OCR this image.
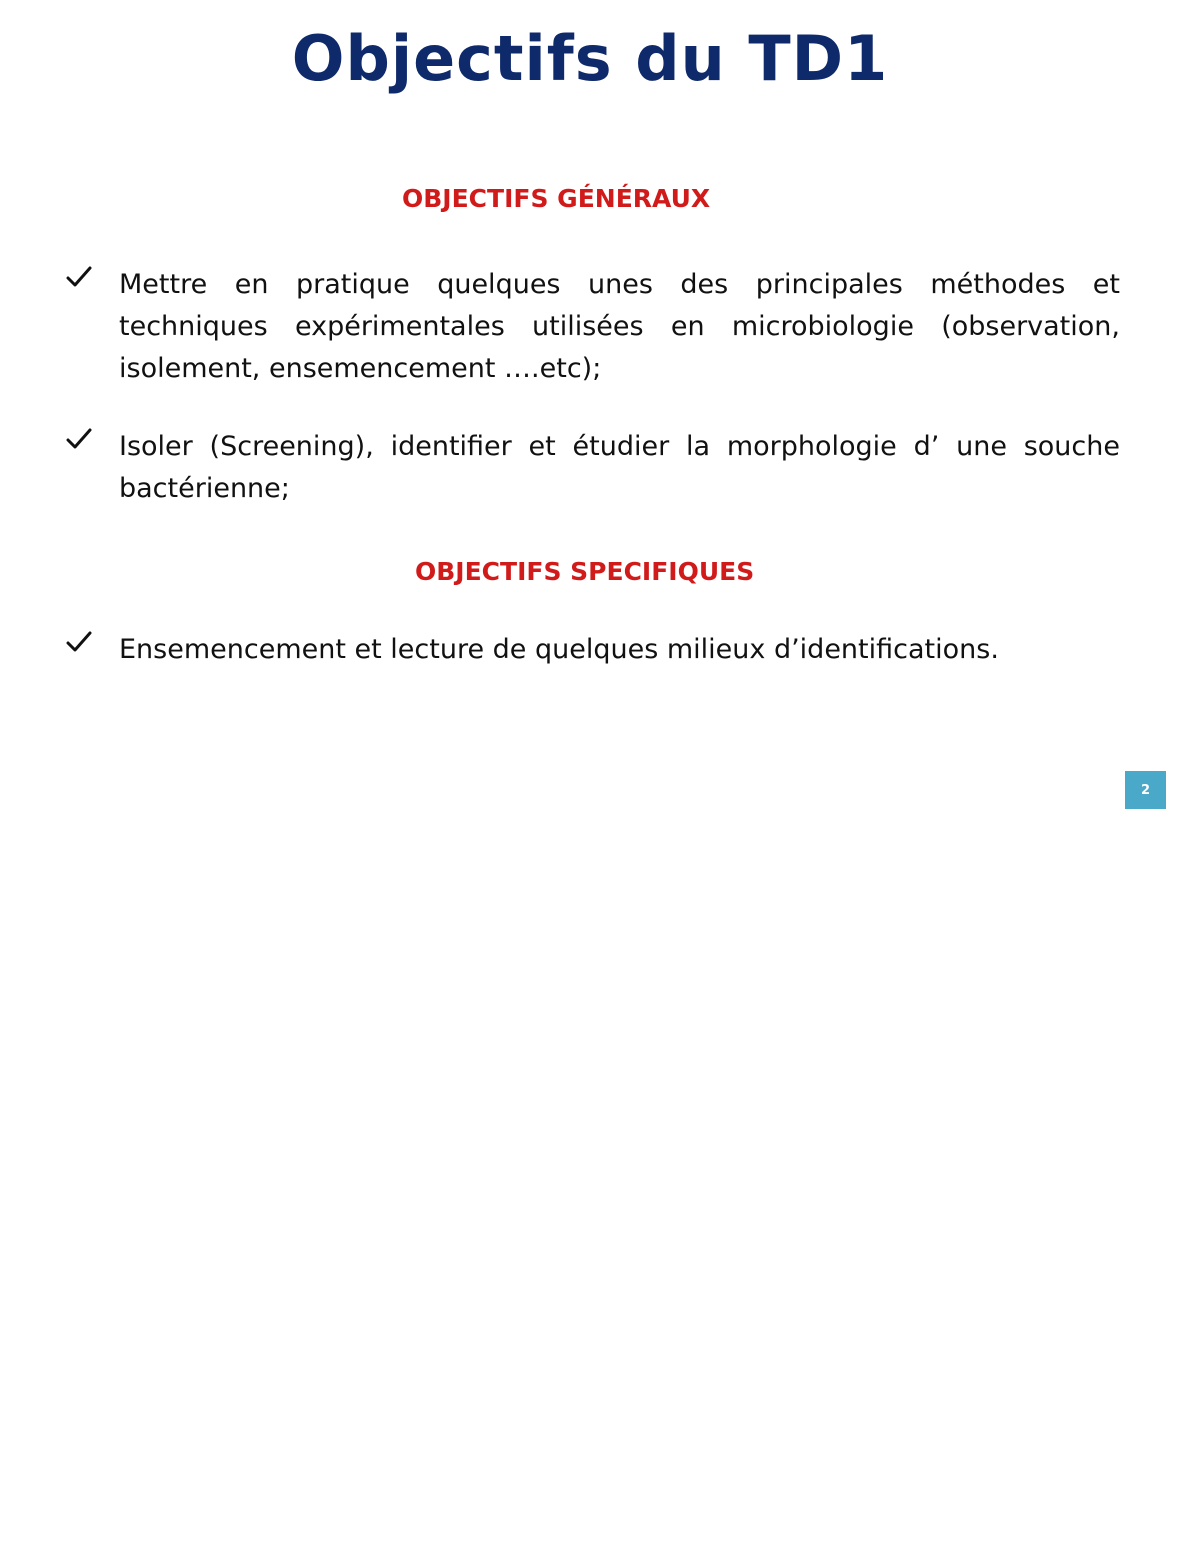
Objectifs du TD1
OBJECTIFS GÉNÉRAUX
Mettre en pratique quelques unes des principales méthodes et techniques expérimentales utilisées en microbiologie (observation, isolement, ensemencement ….etc);
Isoler (Screening), identifier et étudier la morphologie d’ une souche bactérienne;
OBJECTIFS SPECIFIQUES
Ensemencement et lecture de quelques milieux d’identifications.
2
